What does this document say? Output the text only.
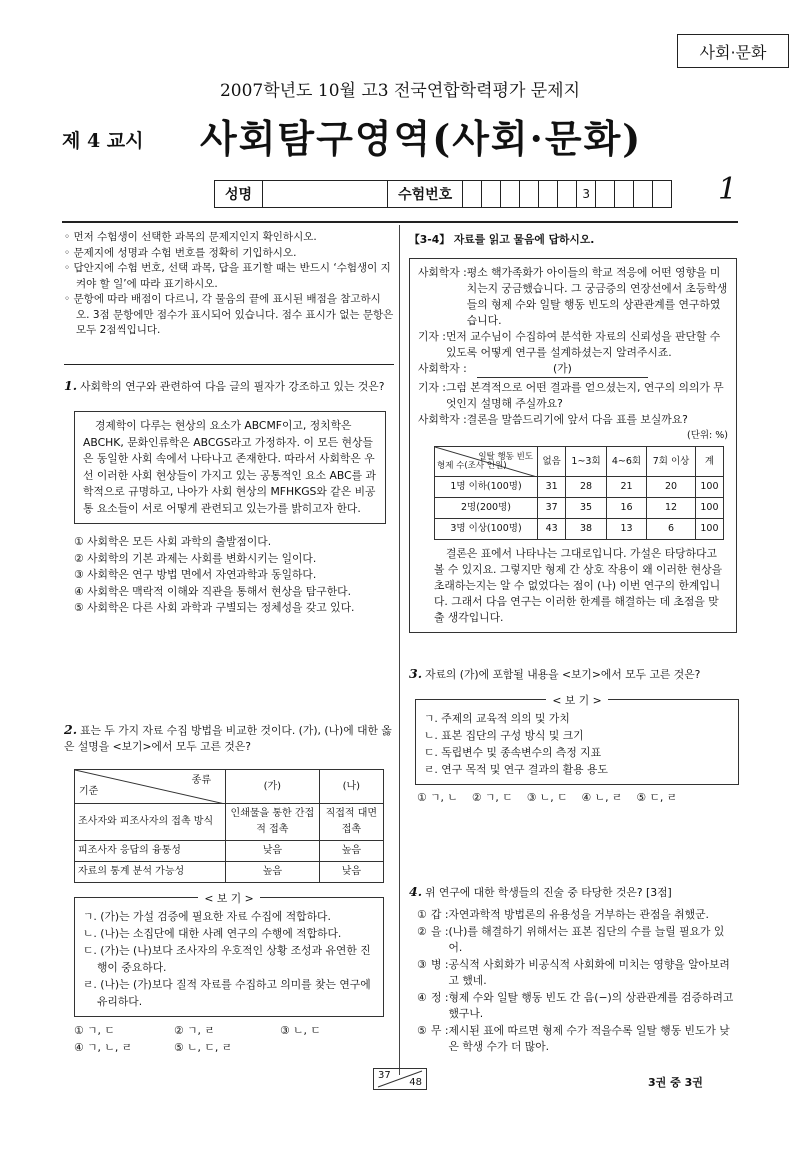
사회·문화
2007학년도 10월 고3 전국연합학력평가 문제지
제 4 교시 사회탐구영역(사회·문화)
1
성명	수험번호	3
◦ 먼저 수험생이 선택한 과목의 문제지인지 확인하시오.
◦ 문제지에 성명과 수험 번호를 정확히 기입하시오.
◦ 답안지에 수험 번호, 선택 과목, 답을 표기할 때는 반드시 ‘수험생이 지켜야 할 일’에 따라 표기하시오.
◦ 문항에 따라 배점이 다르니, 각 물음의 끝에 표시된 배점을 참고하시오. 3점 문항에만 점수가 표시되어 있습니다. 점수 표시가 없는 문항은 모두 2점씩입니다.
1. 사회학의 연구와 관련하여 다음 글의 필자가 강조하고 있는 것은?
경제학이 다루는 현상의 요소가 ABCMF이고, 정치학은 ABCHK, 문화인류학은 ABCGS라고 가정하자. 이 모든 현상들은 동일한 사회 속에서 나타나고 존재한다. 따라서 사회학은 우선 이러한 사회 현상들이 가지고 있는 공통적인 요소 ABC를 과학적으로 규명하고, 나아가 사회 현상의 MFHKGS와 같은 비공통 요소들이 서로 어떻게 관련되고 있는가를 밝히고자 한다.
① 사회학은 모든 사회 과학의 출발점이다.
② 사회학의 기본 과제는 사회를 변화시키는 일이다.
③ 사회학은 연구 방법 면에서 자연과학과 동일하다.
④ 사회학은 맥락적 이해와 직관을 통해서 현상을 탐구한다.
⑤ 사회학은 다른 사회 과학과 구별되는 정체성을 갖고 있다.
2. 표는 두 가지 자료 수집 방법을 비교한 것이다. (가), (나)에 대한 옳은 설명을 <보기>에서 모두 고른 것은?
종류
기준	(가)	(나)
조사자와 피조사자의 접촉 방식	인쇄물을 통한 간접적 접촉	직접적 대면 접촉
피조사자 응답의 융통성	낮음	높음
자료의 통계 분석 가능성	높음	낮음
< 보 기 >
ㄱ. (가)는 가설 검증에 필요한 자료 수집에 적합하다.
ㄴ. (나)는 소집단에 대한 사례 연구의 수행에 적합하다.
ㄷ. (가)는 (나)보다 조사자의 우호적인 상황 조성과 유연한 진행이 중요하다.
ㄹ. (나)는 (가)보다 질적 자료를 수집하고 의미를 찾는 연구에 유리하다.
① ㄱ, ㄷ	② ㄱ, ㄹ	③ ㄴ, ㄷ
④ ㄱ, ㄴ, ㄹ	⑤ ㄴ, ㄷ, ㄹ
【3-4】 자료를 읽고 물음에 답하시오.
사회학자 : 평소 핵가족화가 아이들의 학교 적응에 어떤 영향을 미치는지 궁금했습니다. 그 궁금증의 연장선에서 초등학생들의 형제 수와 일탈 행동 빈도의 상관관계를 연구하였습니다.
기자 : 먼저 교수님이 수집하여 분석한 자료의 신뢰성을 판단할 수 있도록 어떻게 연구를 설계하셨는지 알려주시죠.
사회학자 :	(가)
기자 : 그럼 본격적으로 어떤 결과를 얻으셨는지, 연구의 의의가 무엇인지 설명해 주실까요?
사회학자 : 결론을 말씀드리기에 앞서 다음 표를 보실까요?
(단위: %)
일탈 행동 빈도
형제 수(조사 인원)	없음	1~3회	4~6회	7회 이상	계
1명 이하(100명)	31	28	21	20	100
2명(200명)	37	35	16	12	100
3명 이상(100명)	43	38	13	6	100
결론은 표에서 나타나는 그대로입니다. 가설은 타당하다고 볼 수 있지요. 그렇지만 형제 간 상호 작용이 왜 이러한 현상을 초래하는지는 알 수 없었다는 점이 (나) 이번 연구의 한계입니다. 그래서 다음 연구는 이러한 한계를 해결하는 데 초점을 맞출 생각입니다.
3. 자료의 (가)에 포함될 내용을 <보기>에서 모두 고른 것은?
< 보 기 >
ㄱ. 주제의 교육적 의의 및 가치
ㄴ. 표본 집단의 구성 방식 및 크기
ㄷ. 독립변수 및 종속변수의 측정 지표
ㄹ. 연구 목적 및 연구 결과의 활용 용도
① ㄱ, ㄴ ② ㄱ, ㄷ ③ ㄴ, ㄷ ④ ㄴ, ㄹ ⑤ ㄷ, ㄹ
4. 위 연구에 대한 학생들의 진술 중 타당한 것은? [3점]
① 갑 : 자연과학적 방법론의 유용성을 거부하는 관점을 취했군.
② 을 : (나)를 해결하기 위해서는 표본 집단의 수를 늘릴 필요가 있어.
③ 병 : 공식적 사회화가 비공식적 사회화에 미치는 영향을 알아보려고 했네.
④ 정 : 형제 수와 일탈 행동 빈도 간 음(−)의 상관관계를 검증하려고 했구나.
⑤ 무 : 제시된 표에 따르면 형제 수가 적을수록 일탈 행동 빈도가 낮은 학생 수가 더 많아.
37
48	3권 중 3권
